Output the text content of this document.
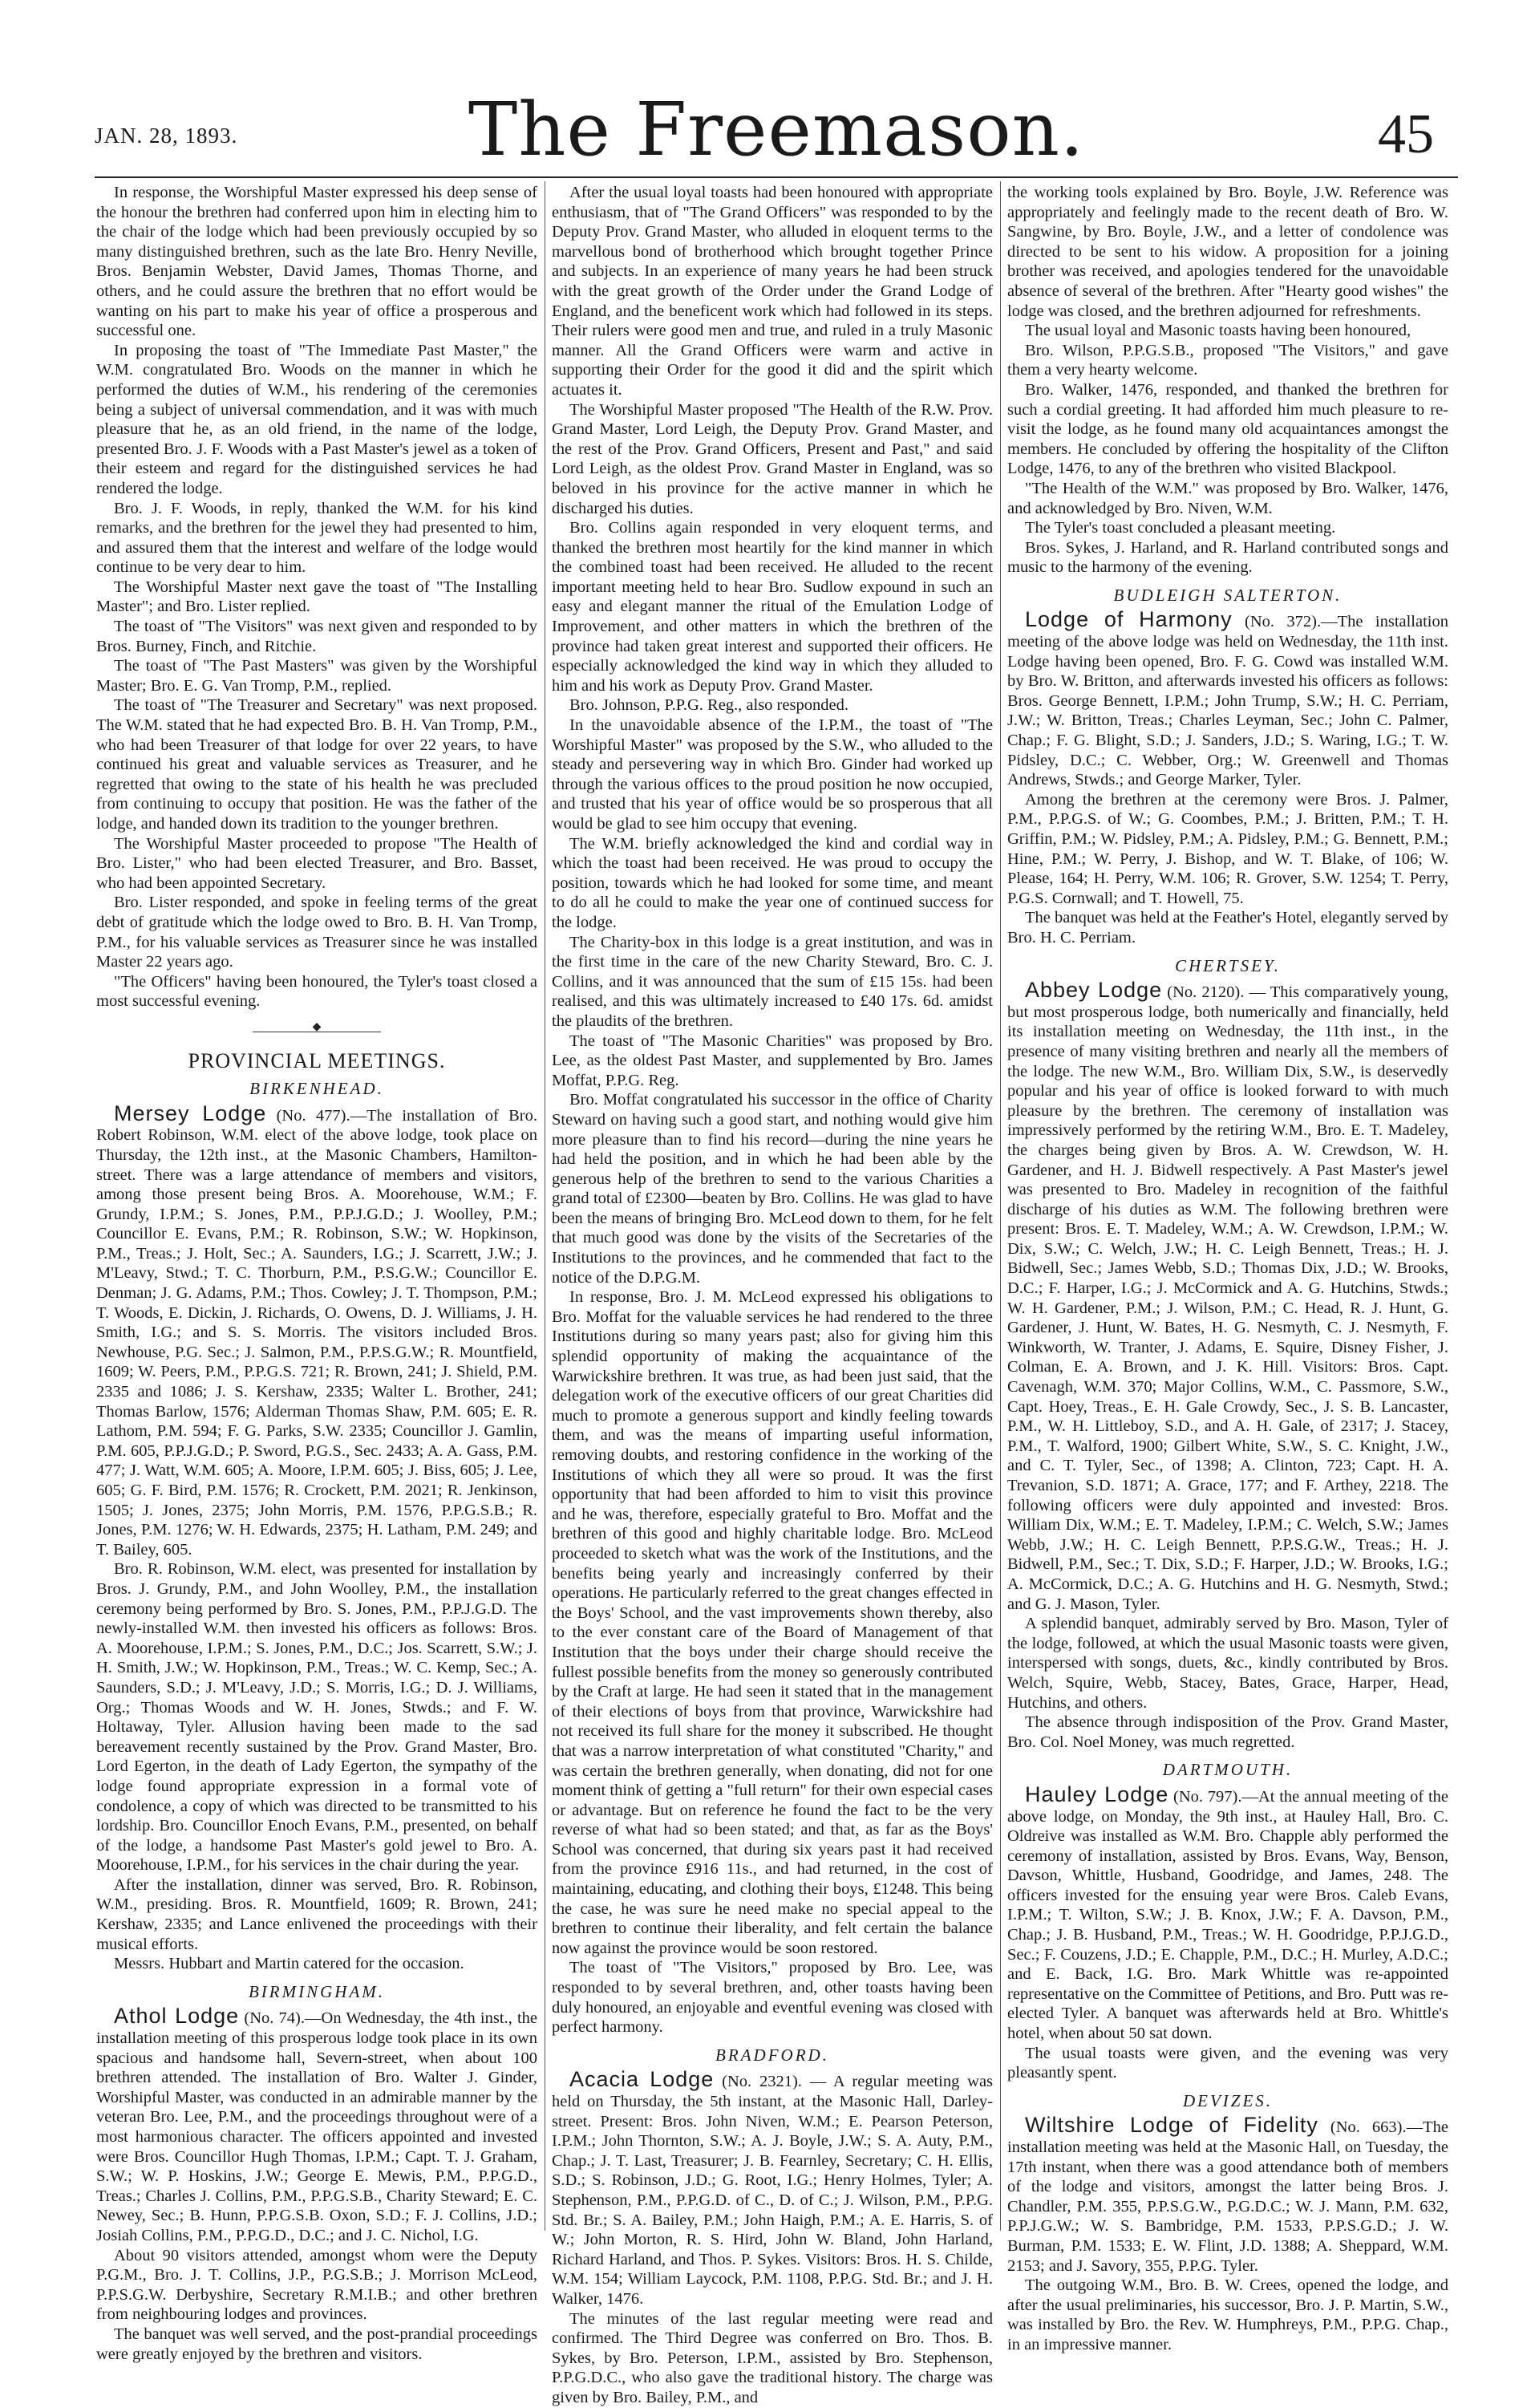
JAN. 28, 1893.	The Freemason.	45

In response, the Worshipful Master expressed his deep sense of the honour the brethren had conferred upon him in electing him to the chair of the lodge which had been previously occupied by so many distinguished brethren, such as the late Bro. Henry Neville, Bros. Benjamin Webster, David James, Thomas Thorne, and others, and he could assure the brethren that no effort would be wanting on his part to make his year of office a prosperous and successful one.

In proposing the toast of "The Immediate Past Master," the W.M. congratulated Bro. Woods on the manner in which he performed the duties of W.M., his rendering of the ceremonies being a subject of universal commendation, and it was with much pleasure that he, as an old friend, in the name of the lodge, presented Bro. J. F. Woods with a Past Master's jewel as a token of their esteem and regard for the distinguished services he had rendered the lodge.

Bro. J. F. Woods, in reply, thanked the W.M. for his kind remarks, and the brethren for the jewel they had presented to him, and assured them that the interest and welfare of the lodge would continue to be very dear to him.

The Worshipful Master next gave the toast of "The Installing Master"; and Bro. Lister replied.

The toast of "The Visitors" was next given and responded to by Bros. Burney, Finch, and Ritchie.

The toast of "The Past Masters" was given by the Worshipful Master; Bro. E. G. Van Tromp, P.M., replied.

The toast of "The Treasurer and Secretary" was next proposed. The W.M. stated that he had expected Bro. B. H. Van Tromp, P.M., who had been Treasurer of that lodge for over 22 years, to have continued his great and valuable services as Treasurer, and he regretted that owing to the state of his health he was precluded from continuing to occupy that position. He was the father of the lodge, and handed down its tradition to the younger brethren.

The Worshipful Master proceeded to propose "The Health of Bro. Lister," who had been elected Treasurer, and Bro. Basset, who had been appointed Secretary.

Bro. Lister responded, and spoke in feeling terms of the great debt of gratitude which the lodge owed to Bro. B. H. Van Tromp, P.M., for his valuable services as Treasurer since he was installed Master 22 years ago.

"The Officers" having been honoured, the Tyler's toast closed a most successful evening.

◆
PROVINCIAL MEETINGS.
BIRKENHEAD.

Mersey Lodge (No. 477).—The installation of Bro. Robert Robinson, W.M. elect of the above lodge, took place on Thursday, the 12th inst., at the Masonic Chambers, Hamilton-street. There was a large attendance of members and visitors, among those present being Bros. A. Moorehouse, W.M.; F. Grundy, I.P.M.; S. Jones, P.M., P.P.J.G.D.; J. Woolley, P.M.; Councillor E. Evans, P.M.; R. Robinson, S.W.; W. Hopkinson, P.M., Treas.; J. Holt, Sec.; A. Saunders, I.G.; J. Scarrett, J.W.; J. M'Leavy, Stwd.; T. C. Thorburn, P.M., P.S.G.W.; Councillor E. Denman; J. G. Adams, P.M.; Thos. Cowley; J. T. Thompson, P.M.; T. Woods, E. Dickin, J. Richards, O. Owens, D. J. Williams, J. H. Smith, I.G.; and S. S. Morris. The visitors included Bros. Newhouse, P.G. Sec.; J. Salmon, P.M., P.P.S.G.W.; R. Mountfield, 1609; W. Peers, P.M., P.P.G.S. 721; R. Brown, 241; J. Shield, P.M. 2335 and 1086; J. S. Kershaw, 2335; Walter L. Brother, 241; Thomas Barlow, 1576; Alderman Thomas Shaw, P.M. 605; E. R. Lathom, P.M. 594; F. G. Parks, S.W. 2335; Councillor J. Gamlin, P.M. 605, P.P.J.G.D.; P. Sword, P.G.S., Sec. 2433; A. A. Gass, P.M. 477; J. Watt, W.M. 605; A. Moore, I.P.M. 605; J. Biss, 605; J. Lee, 605; G. F. Bird, P.M. 1576; R. Crockett, P.M. 2021; R. Jenkinson, 1505; J. Jones, 2375; John Morris, P.M. 1576, P.P.G.S.B.; R. Jones, P.M. 1276; W. H. Edwards, 2375; H. Latham, P.M. 249; and T. Bailey, 605.

Bro. R. Robinson, W.M. elect, was presented for installation by Bros. J. Grundy, P.M., and John Woolley, P.M., the installation ceremony being performed by Bro. S. Jones, P.M., P.P.J.G.D. The newly-installed W.M. then invested his officers as follows: Bros. A. Moorehouse, I.P.M.; S. Jones, P.M., D.C.; Jos. Scarrett, S.W.; J. H. Smith, J.W.; W. Hopkinson, P.M., Treas.; W. C. Kemp, Sec.; A. Saunders, S.D.; J. M'Leavy, J.D.; S. Morris, I.G.; D. J. Williams, Org.; Thomas Woods and W. H. Jones, Stwds.; and F. W. Holtaway, Tyler. Allusion having been made to the sad bereavement recently sustained by the Prov. Grand Master, Bro. Lord Egerton, in the death of Lady Egerton, the sympathy of the lodge found appropriate expression in a formal vote of condolence, a copy of which was directed to be transmitted to his lordship. Bro. Councillor Enoch Evans, P.M., presented, on behalf of the lodge, a handsome Past Master's gold jewel to Bro. A. Moorehouse, I.P.M., for his services in the chair during the year.

After the installation, dinner was served, Bro. R. Robinson, W.M., presiding. Bros. R. Mountfield, 1609; R. Brown, 241; Kershaw, 2335; and Lance enlivened the proceedings with their musical efforts.

Messrs. Hubbart and Martin catered for the occasion.

BIRMINGHAM.

Athol Lodge (No. 74).—On Wednesday, the 4th inst., the installation meeting of this prosperous lodge took place in its own spacious and handsome hall, Severn-street, when about 100 brethren attended. The installation of Bro. Walter J. Ginder, Worshipful Master, was conducted in an admirable manner by the veteran Bro. Lee, P.M., and the proceedings throughout were of a most harmonious character. The officers appointed and invested were Bros. Councillor Hugh Thomas, I.P.M.; Capt. T. J. Graham, S.W.; W. P. Hoskins, J.W.; George E. Mewis, P.M., P.P.G.D., Treas.; Charles J. Collins, P.M., P.P.G.S.B., Charity Steward; E. C. Newey, Sec.; B. Hunn, P.P.G.S.B. Oxon, S.D.; F. J. Collins, J.D.; Josiah Collins, P.M., P.P.G.D., D.C.; and J. C. Nichol, I.G.

About 90 visitors attended, amongst whom were the Deputy P.G.M., Bro. J. T. Collins, J.P., P.G.S.B.; J. Morrison McLeod, P.P.S.G.W. Derbyshire, Secretary R.M.I.B.; and other brethren from neighbouring lodges and provinces.

The banquet was well served, and the post-prandial proceedings were greatly enjoyed by the brethren and visitors.

After the usual loyal toasts had been honoured with appropriate enthusiasm, that of "The Grand Officers" was responded to by the Deputy Prov. Grand Master, who alluded in eloquent terms to the marvellous bond of brotherhood which brought together Prince and subjects. In an experience of many years he had been struck with the great growth of the Order under the Grand Lodge of England, and the beneficent work which had followed in its steps. Their rulers were good men and true, and ruled in a truly Masonic manner. All the Grand Officers were warm and active in supporting their Order for the good it did and the spirit which actuates it.

The Worshipful Master proposed "The Health of the R.W. Prov. Grand Master, Lord Leigh, the Deputy Prov. Grand Master, and the rest of the Prov. Grand Officers, Present and Past," and said Lord Leigh, as the oldest Prov. Grand Master in England, was so beloved in his province for the active manner in which he discharged his duties.

Bro. Collins again responded in very eloquent terms, and thanked the brethren most heartily for the kind manner in which the combined toast had been received. He alluded to the recent important meeting held to hear Bro. Sudlow expound in such an easy and elegant manner the ritual of the Emulation Lodge of Improvement, and other matters in which the brethren of the province had taken great interest and supported their officers. He especially acknowledged the kind way in which they alluded to him and his work as Deputy Prov. Grand Master.

Bro. Johnson, P.P.G. Reg., also responded.

In the unavoidable absence of the I.P.M., the toast of "The Worshipful Master" was proposed by the S.W., who alluded to the steady and persevering way in which Bro. Ginder had worked up through the various offices to the proud position he now occupied, and trusted that his year of office would be so prosperous that all would be glad to see him occupy that evening.

The W.M. briefly acknowledged the kind and cordial way in which the toast had been received. He was proud to occupy the position, towards which he had looked for some time, and meant to do all he could to make the year one of continued success for the lodge.

The Charity-box in this lodge is a great institution, and was in the first time in the care of the new Charity Steward, Bro. C. J. Collins, and it was announced that the sum of £15 15s. had been realised, and this was ultimately increased to £40 17s. 6d. amidst the plaudits of the brethren.

The toast of "The Masonic Charities" was proposed by Bro. Lee, as the oldest Past Master, and supplemented by Bro. James Moffat, P.P.G. Reg.

Bro. Moffat congratulated his successor in the office of Charity Steward on having such a good start, and nothing would give him more pleasure than to find his record—during the nine years he had held the position, and in which he had been able by the generous help of the brethren to send to the various Charities a grand total of £2300—beaten by Bro. Collins. He was glad to have been the means of bringing Bro. McLeod down to them, for he felt that much good was done by the visits of the Secretaries of the Institutions to the provinces, and he commended that fact to the notice of the D.P.G.M.

In response, Bro. J. M. McLeod expressed his obligations to Bro. Moffat for the valuable services he had rendered to the three Institutions during so many years past; also for giving him this splendid opportunity of making the acquaintance of the Warwickshire brethren. It was true, as had been just said, that the delegation work of the executive officers of our great Charities did much to promote a generous support and kindly feeling towards them, and was the means of imparting useful information, removing doubts, and restoring confidence in the working of the Institutions of which they all were so proud. It was the first opportunity that had been afforded to him to visit this province and he was, therefore, especially grateful to Bro. Moffat and the brethren of this good and highly charitable lodge. Bro. McLeod proceeded to sketch what was the work of the Institutions, and the benefits being yearly and increasingly conferred by their operations. He particularly referred to the great changes effected in the Boys' School, and the vast improvements shown thereby, also to the ever constant care of the Board of Management of that Institution that the boys under their charge should receive the fullest possible benefits from the money so generously contributed by the Craft at large. He had seen it stated that in the management of their elections of boys from that province, Warwickshire had not received its full share for the money it subscribed. He thought that was a narrow interpretation of what constituted "Charity," and was certain the brethren generally, when donating, did not for one moment think of getting a "full return" for their own especial cases or advantage. But on reference he found the fact to be the very reverse of what had so been stated; and that, as far as the Boys' School was concerned, that during six years past it had received from the province £916 11s., and had returned, in the cost of maintaining, educating, and clothing their boys, £1248. This being the case, he was sure he need make no special appeal to the brethren to continue their liberality, and felt certain the balance now against the province would be soon restored.

The toast of "The Visitors," proposed by Bro. Lee, was responded to by several brethren, and, other toasts having been duly honoured, an enjoyable and eventful evening was closed with perfect harmony.

BRADFORD.

Acacia Lodge (No. 2321). — A regular meeting was held on Thursday, the 5th instant, at the Masonic Hall, Darley-street. Present: Bros. John Niven, W.M.; E. Pearson Peterson, I.P.M.; John Thornton, S.W.; A. J. Boyle, J.W.; S. A. Auty, P.M., Chap.; J. T. Last, Treasurer; J. B. Fearnley, Secretary; C. H. Ellis, S.D.; S. Robinson, J.D.; G. Root, I.G.; Henry Holmes, Tyler; A. Stephenson, P.M., P.P.G.D. of C., D. of C.; J. Wilson, P.M., P.P.G. Std. Br.; S. A. Bailey, P.M.; John Haigh, P.M.; A. E. Harris, S. of W.; John Morton, R. S. Hird, John W. Bland, John Harland, Richard Harland, and Thos. P. Sykes. Visitors: Bros. H. S. Childe, W.M. 154; William Laycock, P.M. 1108, P.P.G. Std. Br.; and J. H. Walker, 1476.

The minutes of the last regular meeting were read and confirmed. The Third Degree was conferred on Bro. Thos. B. Sykes, by Bro. Peterson, I.P.M., assisted by Bro. Stephenson, P.P.G.D.C., who also gave the traditional history. The charge was given by Bro. Bailey, P.M., and

the working tools explained by Bro. Boyle, J.W. Reference was appropriately and feelingly made to the recent death of Bro. W. Sangwine, by Bro. Boyle, J.W., and a letter of condolence was directed to be sent to his widow. A proposition for a joining brother was received, and apologies tendered for the unavoidable absence of several of the brethren. After "Hearty good wishes" the lodge was closed, and the brethren adjourned for refreshments.

The usual loyal and Masonic toasts having been honoured,

Bro. Wilson, P.P.G.S.B., proposed "The Visitors," and gave them a very hearty welcome.

Bro. Walker, 1476, responded, and thanked the brethren for such a cordial greeting. It had afforded him much pleasure to re-visit the lodge, as he found many old acquaintances amongst the members. He concluded by offering the hospitality of the Clifton Lodge, 1476, to any of the brethren who visited Blackpool.

"The Health of the W.M." was proposed by Bro. Walker, 1476, and acknowledged by Bro. Niven, W.M.

The Tyler's toast concluded a pleasant meeting.

Bros. Sykes, J. Harland, and R. Harland contributed songs and music to the harmony of the evening.

BUDLEIGH SALTERTON.

Lodge of Harmony (No. 372).—The installation meeting of the above lodge was held on Wednesday, the 11th inst. Lodge having been opened, Bro. F. G. Cowd was installed W.M. by Bro. W. Britton, and afterwards invested his officers as follows: Bros. George Bennett, I.P.M.; John Trump, S.W.; H. C. Perriam, J.W.; W. Britton, Treas.; Charles Leyman, Sec.; John C. Palmer, Chap.; F. G. Blight, S.D.; J. Sanders, J.D.; S. Waring, I.G.; T. W. Pidsley, D.C.; C. Webber, Org.; W. Greenwell and Thomas Andrews, Stwds.; and George Marker, Tyler.

Among the brethren at the ceremony were Bros. J. Palmer, P.M., P.P.G.S. of W.; G. Coombes, P.M.; J. Britten, P.M.; T. H. Griffin, P.M.; W. Pidsley, P.M.; A. Pidsley, P.M.; G. Bennett, P.M.; Hine, P.M.; W. Perry, J. Bishop, and W. T. Blake, of 106; W. Please, 164; H. Perry, W.M. 106; R. Grover, S.W. 1254; T. Perry, P.G.S. Cornwall; and T. Howell, 75.

The banquet was held at the Feather's Hotel, elegantly served by Bro. H. C. Perriam.

CHERTSEY.

Abbey Lodge (No. 2120). — This comparatively young, but most prosperous lodge, both numerically and financially, held its installation meeting on Wednesday, the 11th inst., in the presence of many visiting brethren and nearly all the members of the lodge. The new W.M., Bro. William Dix, S.W., is deservedly popular and his year of office is looked forward to with much pleasure by the brethren. The ceremony of installation was impressively performed by the retiring W.M., Bro. E. T. Madeley, the charges being given by Bros. A. W. Crewdson, W. H. Gardener, and H. J. Bidwell respectively. A Past Master's jewel was presented to Bro. Madeley in recognition of the faithful discharge of his duties as W.M. The following brethren were present: Bros. E. T. Madeley, W.M.; A. W. Crewdson, I.P.M.; W. Dix, S.W.; C. Welch, J.W.; H. C. Leigh Bennett, Treas.; H. J. Bidwell, Sec.; James Webb, S.D.; Thomas Dix, J.D.; W. Brooks, D.C.; F. Harper, I.G.; J. McCormick and A. G. Hutchins, Stwds.; W. H. Gardener, P.M.; J. Wilson, P.M.; C. Head, R. J. Hunt, G. Gardener, J. Hunt, W. Bates, H. G. Nesmyth, C. J. Nesmyth, F. Winkworth, W. Tranter, J. Adams, E. Squire, Disney Fisher, J. Colman, E. A. Brown, and J. K. Hill. Visitors: Bros. Capt. Cavenagh, W.M. 370; Major Collins, W.M., C. Passmore, S.W., Capt. Hoey, Treas., E. H. Gale Crowdy, Sec., J. S. B. Lancaster, P.M., W. H. Littleboy, S.D., and A. H. Gale, of 2317; J. Stacey, P.M., T. Walford, 1900; Gilbert White, S.W., S. C. Knight, J.W., and C. T. Tyler, Sec., of 1398; A. Clinton, 723; Capt. H. A. Trevanion, S.D. 1871; A. Grace, 177; and F. Arthey, 2218. The following officers were duly appointed and invested: Bros. William Dix, W.M.; E. T. Madeley, I.P.M.; C. Welch, S.W.; James Webb, J.W.; H. C. Leigh Bennett, P.P.S.G.W., Treas.; H. J. Bidwell, P.M., Sec.; T. Dix, S.D.; F. Harper, J.D.; W. Brooks, I.G.; A. McCormick, D.C.; A. G. Hutchins and H. G. Nesmyth, Stwd.; and G. J. Mason, Tyler.

A splendid banquet, admirably served by Bro. Mason, Tyler of the lodge, followed, at which the usual Masonic toasts were given, interspersed with songs, duets, &c., kindly contributed by Bros. Welch, Squire, Webb, Stacey, Bates, Grace, Harper, Head, Hutchins, and others.

The absence through indisposition of the Prov. Grand Master, Bro. Col. Noel Money, was much regretted.

DARTMOUTH.

Hauley Lodge (No. 797).—At the annual meeting of the above lodge, on Monday, the 9th inst., at Hauley Hall, Bro. C. Oldreive was installed as W.M. Bro. Chapple ably performed the ceremony of installation, assisted by Bros. Evans, Way, Benson, Davson, Whittle, Husband, Goodridge, and James, 248. The officers invested for the ensuing year were Bros. Caleb Evans, I.P.M.; T. Wilton, S.W.; J. B. Knox, J.W.; F. A. Davson, P.M., Chap.; J. B. Husband, P.M., Treas.; W. H. Goodridge, P.P.J.G.D., Sec.; F. Couzens, J.D.; E. Chapple, P.M., D.C.; H. Murley, A.D.C.; and E. Back, I.G. Bro. Mark Whittle was re-appointed representative on the Committee of Petitions, and Bro. Putt was re-elected Tyler. A banquet was afterwards held at Bro. Whittle's hotel, when about 50 sat down.

The usual toasts were given, and the evening was very pleasantly spent.

DEVIZES.

Wiltshire Lodge of Fidelity (No. 663).—The installation meeting was held at the Masonic Hall, on Tuesday, the 17th instant, when there was a good attendance both of members of the lodge and visitors, amongst the latter being Bros. J. Chandler, P.M. 355, P.P.S.G.W., P.G.D.C.; W. J. Mann, P.M. 632, P.P.J.G.W.; W. S. Bambridge, P.M. 1533, P.P.S.G.D.; J. W. Burman, P.M. 1533; E. W. Flint, J.D. 1388; A. Sheppard, W.M. 2153; and J. Savory, 355, P.P.G. Tyler.

The outgoing W.M., Bro. B. W. Crees, opened the lodge, and after the usual preliminaries, his successor, Bro. J. P. Martin, S.W., was installed by Bro. the Rev. W. Humphreys, P.M., P.P.G. Chap., in an impressive manner.
